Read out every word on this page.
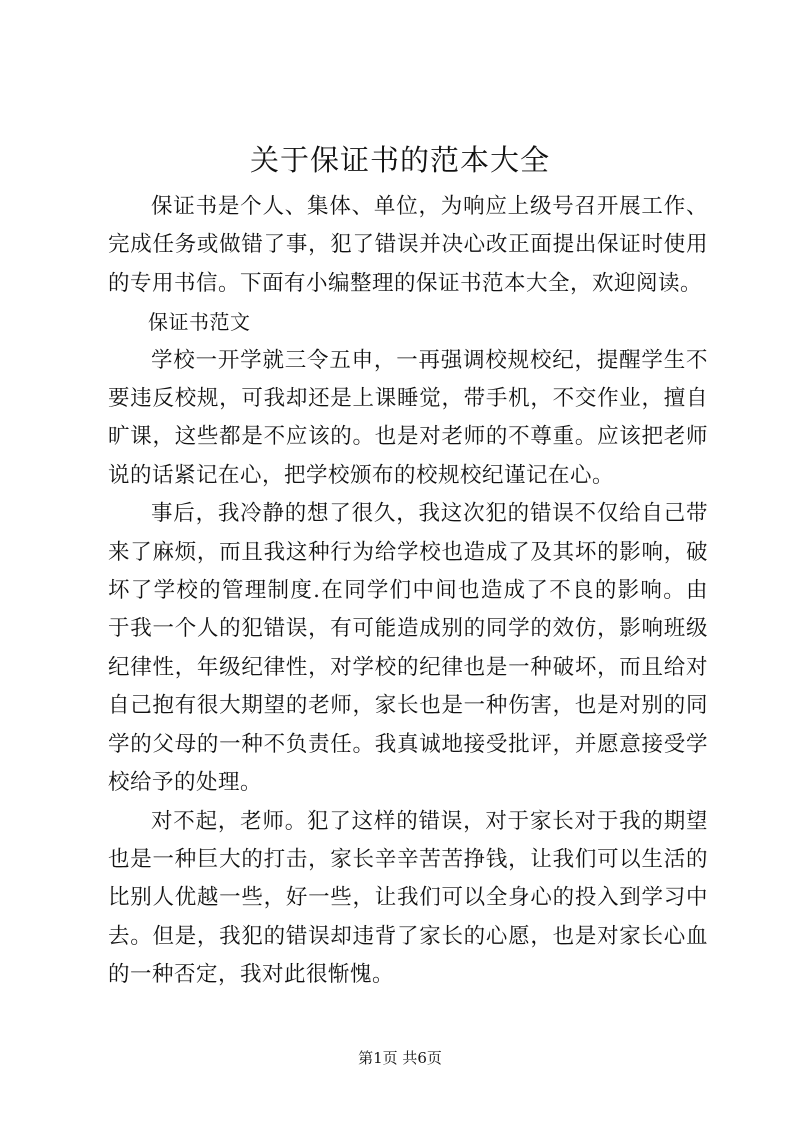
关于保证书的范本大全

保证书是个人、集体、单位，为响应上级号召开展工作、完成任务或做错了事，犯了错误并决心改正面提出保证时使用的专用书信。下面有小编整理的保证书范本大全，欢迎阅读。

保证书范文

学校一开学就三令五申，一再强调校规校纪，提醒学生不要违反校规，可我却还是上课睡觉，带手机，不交作业，擅自旷课，这些都是不应该的。也是对老师的不尊重。应该把老师说的话紧记在心，把学校颁布的校规校纪谨记在心。

事后，我冷静的想了很久，我这次犯的错误不仅给自己带来了麻烦，而且我这种行为给学校也造成了及其坏的影响，破坏了学校的管理制度.在同学们中间也造成了不良的影响。由于我一个人的犯错误，有可能造成别的同学的效仿，影响班级纪律性，年级纪律性，对学校的纪律也是一种破坏，而且给对自己抱有很大期望的老师，家长也是一种伤害，也是对别的同学的父母的一种不负责任。我真诚地接受批评，并愿意接受学校给予的处理。

对不起，老师。犯了这样的错误，对于家长对于我的期望也是一种巨大的打击，家长辛辛苦苦挣钱，让我们可以生活的比别人优越一些，好一些，让我们可以全身心的投入到学习中去。但是，我犯的错误却违背了家长的心愿，也是对家长心血的一种否定，我对此很惭愧。

第1页 共6页
